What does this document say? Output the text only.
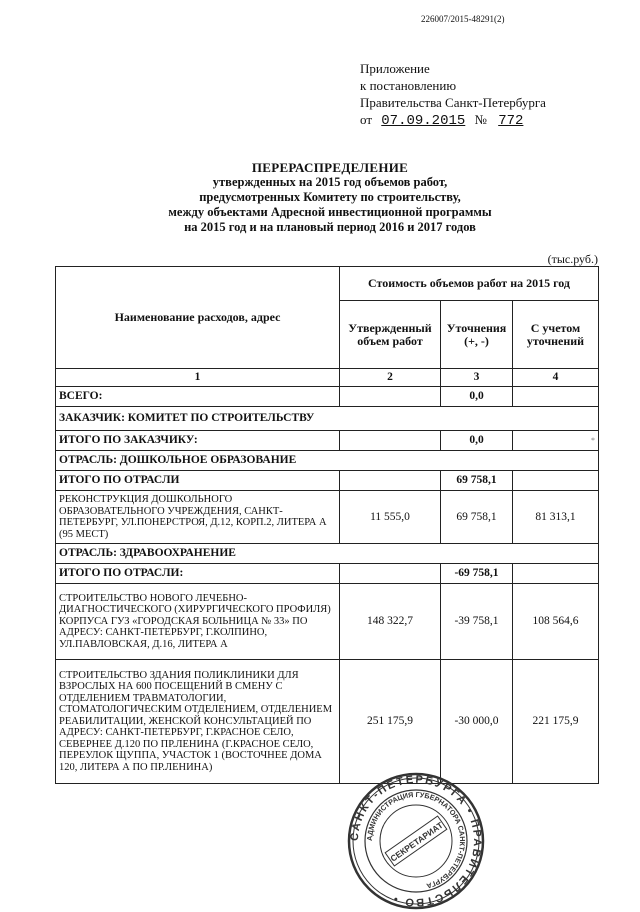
226007/2015-48291(2)
Приложение
к постановлению
Правительства Санкт-Петербурга
от 07.09.2015 № 772
ПЕРЕРАСПРЕДЕЛЕНИЕ
утвержденных на 2015 год объемов работ,
предусмотренных Комитету по строительству,
между объектами Адресной инвестиционной программы
на 2015 год и на плановый период 2016 и 2017 годов
(тыс.руб.)
Наименование расходов, адрес	Стоимость объемов работ на 2015 год		
	Утвержденный объем работ	Уточнения (+, -)	С учетом уточнений
1	2	3	4
ВСЕГО:		0,0	
ЗАКАЗЧИК: КОМИТЕТ ПО СТРОИТЕЛЬСТВУ			
ИТОГО ПО ЗАКАЗЧИКУ:		0,0	*
ОТРАСЛЬ: ДОШКОЛЬНОЕ ОБРАЗОВАНИЕ			
ИТОГО ПО ОТРАСЛИ		69 758,1	
РЕКОНСТРУКЦИЯ ДОШКОЛЬНОГО ОБРАЗОВАТЕЛЬНОГО УЧРЕЖДЕНИЯ, САНКТ-ПЕТЕРБУРГ, УЛ.ПОНЕРСТРОЯ, Д.12, КОРП.2, ЛИТЕРА А (95 МЕСТ)	11 555,0	69 758,1	81 313,1
ОТРАСЛЬ: ЗДРАВООХРАНЕНИЕ			
ИТОГО ПО ОТРАСЛИ:		-69 758,1	
СТРОИТЕЛЬСТВО НОВОГО ЛЕЧЕБНО-ДИАГНОСТИЧЕСКОГО (ХИРУРГИЧЕСКОГО ПРОФИЛЯ) КОРПУСА ГУЗ «ГОРОДСКАЯ БОЛЬНИЦА № 33» ПО АДРЕСУ: САНКТ-ПЕТЕРБУРГ, Г.КОЛПИНО, УЛ.ПАВЛОВСКАЯ, Д.16, ЛИТЕРА А	148 322,7	-39 758,1	108 564,6
СТРОИТЕЛЬСТВО ЗДАНИЯ ПОЛИКЛИНИКИ ДЛЯ ВЗРОСЛЫХ НА 600 ПОСЕЩЕНИЙ В СМЕНУ С ОТДЕЛЕНИЕМ ТРАВМАТОЛОГИИ, СТОМАТОЛОГИЧЕСКИМ ОТДЕЛЕНИЕМ, ОТДЕЛЕНИЕМ РЕАБИЛИТАЦИИ, ЖЕНСКОЙ КОНСУЛЬТАЦИЕЙ ПО АДРЕСУ: САНКТ-ПЕТЕРБУРГ, Г.КРАСНОЕ СЕЛО, СЕВЕРНЕЕ Д.120 ПО ПР.ЛЕНИНА (Г.КРАСНОЕ СЕЛО, ПЕРЕУЛОК ЩУППА, УЧАСТОК 1 (ВОСТОЧНЕЕ ДОМА 120, ЛИТЕРА А ПО ПР.ЛЕНИНА)	251 175,9	-30 000,0	221 175,9
САНКТ-ПЕТЕРБУРГА • ПРАВИТЕЛЬСТВО •
АДМИНИСТРАЦИЯ ГУБЕРНАТОРА САНКТ-ПЕТЕРБУРГА
СЕКРЕТАРИАТ
